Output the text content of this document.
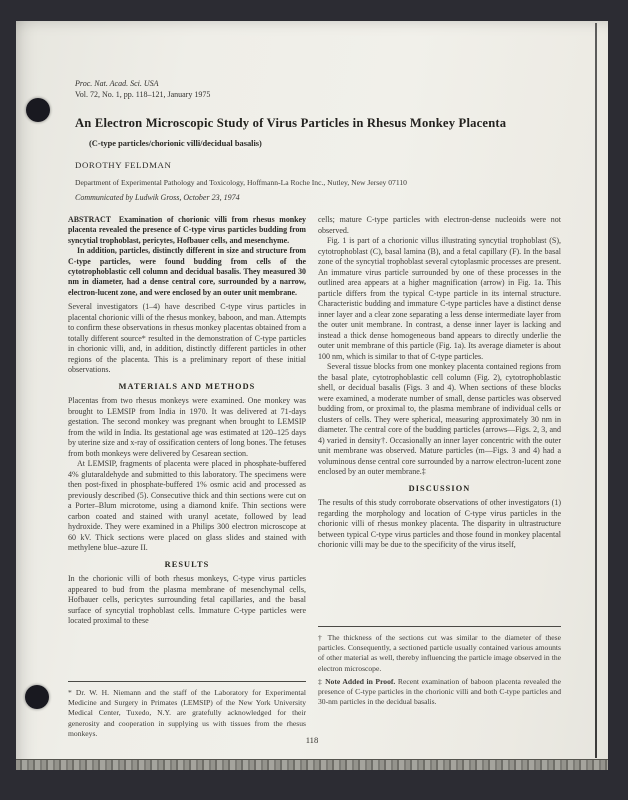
Proc. Nat. Acad. Sci. USA
Vol. 72, No. 1, pp. 118–121, January 1975
An Electron Microscopic Study of Virus Particles in Rhesus Monkey Placenta
(C-type particles/chorionic villi/decidual basalis)
DOROTHY FELDMAN
Department of Experimental Pathology and Toxicology, Hoffmann-La Roche Inc., Nutley, New Jersey 07110
Communicated by Ludwik Gross, October 23, 1974

ABSTRACT Examination of chorionic villi from rhesus monkey placenta revealed the presence of C-type virus particles budding from syncytial trophoblast, pericytes, Hofbauer cells, and mesenchyme.

In addition, particles, distinctly different in size and structure from C-type particles, were found budding from cells of the cytotrophoblastic cell column and decidual basalis. They measured 30 nm in diameter, had a dense central core, surrounded by a narrow, electron-lucent zone, and were enclosed by an outer unit membrane.

Several investigators (1–4) have described C-type virus particles in placental chorionic villi of the rhesus monkey, baboon, and man. Attempts to confirm these observations in rhesus monkey placentas obtained from a totally different source* resulted in the demonstration of C-type particles in chorionic villi, and, in addition, distinctly different particles in other regions of the placenta. This is a preliminary report of these initial observations.

MATERIALS AND METHODS

Placentas from two rhesus monkeys were examined. One monkey was brought to LEMSIP from India in 1970. It was delivered at 71-days gestation. The second monkey was pregnant when brought to LEMSIP from the wild in India. Its gestational age was estimated at 120–125 days by uterine size and x-ray of ossification centers of long bones. The fetuses from both monkeys were delivered by Cesarean section.

At LEMSIP, fragments of placenta were placed in phosphate-buffered 4% glutaraldehyde and submitted to this laboratory. The specimens were then post-fixed in phosphate-buffered 1% osmic acid and processed as previously described (5). Consecutive thick and thin sections were cut on a Porter–Blum microtome, using a diamond knife. Thin sections were carbon coated and stained with uranyl acetate, followed by lead hydroxide. They were examined in a Philips 300 electron microscope at 60 kV. Thick sections were placed on glass slides and stained with methylene blue–azure II.

RESULTS

In the chorionic villi of both rhesus monkeys, C-type virus particles appeared to bud from the plasma membrane of mesenchymal cells, Hofbauer cells, pericytes surrounding fetal capillaries, and the basal surface of syncytial trophoblast cells. Immature C-type particles were located proximal to these

* Dr. W. H. Niemann and the staff of the Laboratory for Experimental Medicine and Surgery in Primates (LEMSIP) of the New York University Medical Center, Tuxedo, N.Y. are gratefully acknowledged for their generosity and cooperation in supplying us with tissues from the rhesus monkeys.

cells; mature C-type particles with electron-dense nucleoids were not observed.

Fig. 1 is part of a chorionic villus illustrating syncytial trophoblast (S), cytotrophoblast (C), basal lamina (B), and a fetal capillary (F). In the basal zone of the syncytial trophoblast several cytoplasmic processes are present. An immature virus particle surrounded by one of these processes in the outlined area appears at a higher magnification (arrow) in Fig. 1a. This particle differs from the typical C-type particle in its internal structure. Characteristic budding and immature C-type particles have a distinct dense inner layer and a clear zone separating a less dense intermediate layer from the outer unit membrane. In contrast, a dense inner layer is lacking and instead a thick dense homogeneous band appears to directly underlie the outer unit membrane of this particle (Fig. 1a). Its average diameter is about 100 nm, which is similar to that of C-type particles.

Several tissue blocks from one monkey placenta contained regions from the basal plate, cytotrophoblastic cell column (Fig. 2), cytotrophoblastic shell, or decidual basalis (Figs. 3 and 4). When sections of these blocks were examined, a moderate number of small, dense particles was observed budding from, or proximal to, the plasma membrane of individual cells or clusters of cells. They were spherical, measuring approximately 30 nm in diameter. The central core of the budding particles (arrows—Figs. 2, 3, and 4) varied in density†. Occasionally an inner layer concentric with the outer unit membrane was observed. Mature particles (m—Figs. 3 and 4) had a voluminous dense central core surrounded by a narrow electron-lucent zone enclosed by an outer membrane.‡

DISCUSSION

The results of this study corroborate observations of other investigators (1) regarding the morphology and location of C-type virus particles in the chorionic villi of rhesus monkey placenta. The disparity in ultrastructure between typical C-type virus particles and those found in monkey placental chorionic villi may be due to the specificity of the virus itself,

† The thickness of the sections cut was similar to the diameter of these particles. Consequently, a sectioned particle usually contained various amounts of other material as well, thereby influencing the particle image observed in the electron microscope.

‡ Note Added in Proof. Recent examination of baboon placenta revealed the presence of C-type particles in the chorionic villi and both C-type particles and 30-nm particles in the decidual basalis.

118
